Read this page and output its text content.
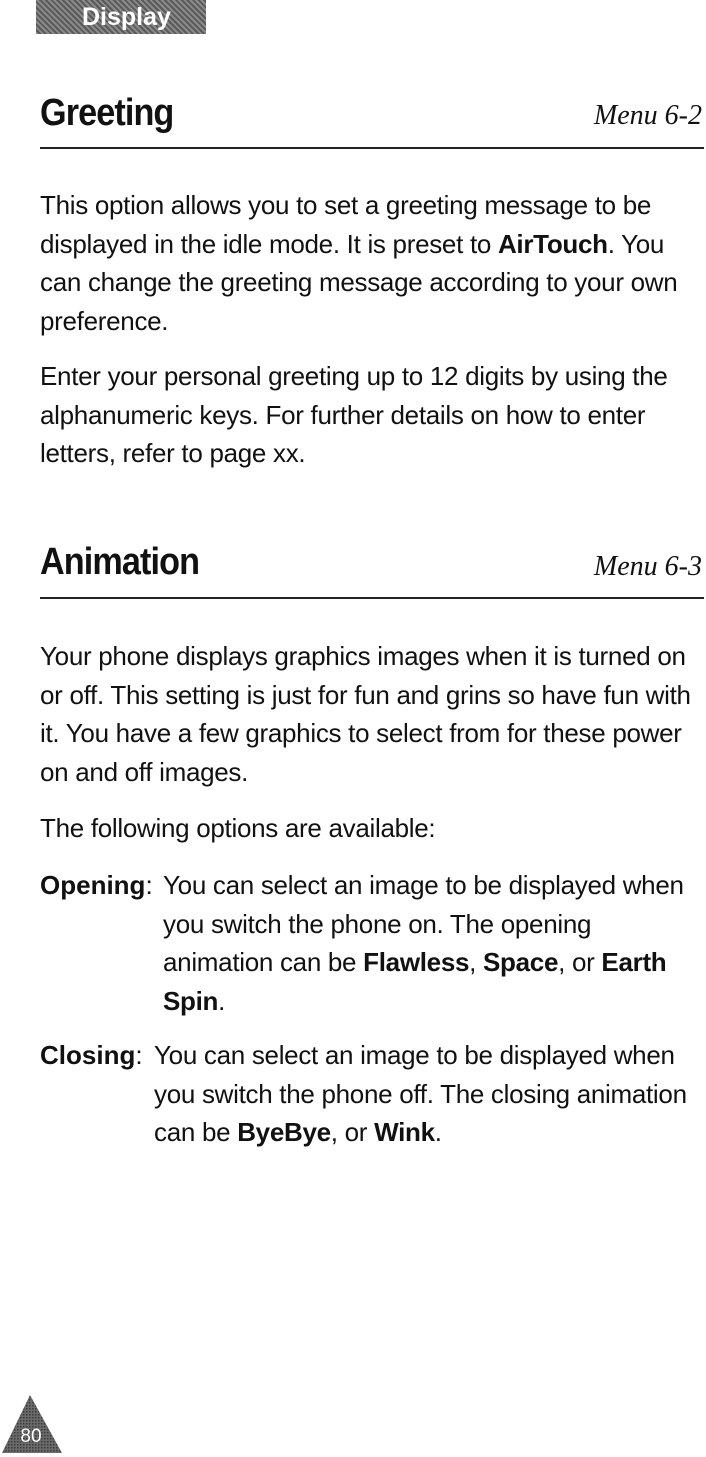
Display
Greeting	Menu 6-2

This option allows you to set a greeting message to be displayed in the idle mode. It is preset to AirTouch. You can change the greeting message according to your own preference.

Enter your personal greeting up to 12 digits by using the alphanumeric keys. For further details on how to enter letters, refer to page xx.

Animation	Menu 6-3

Your phone displays graphics images when it is turned on or off. This setting is just for fun and grins so have fun with it. You have a few graphics to select from for these power on and off images.

The following options are available:

Opening: You can select an image to be displayed when you switch the phone on. The opening animation can be Flawless, Space, or Earth Spin.

Closing: You can select an image to be displayed when you switch the phone off. The closing animation can be ByeBye, or Wink.

80
